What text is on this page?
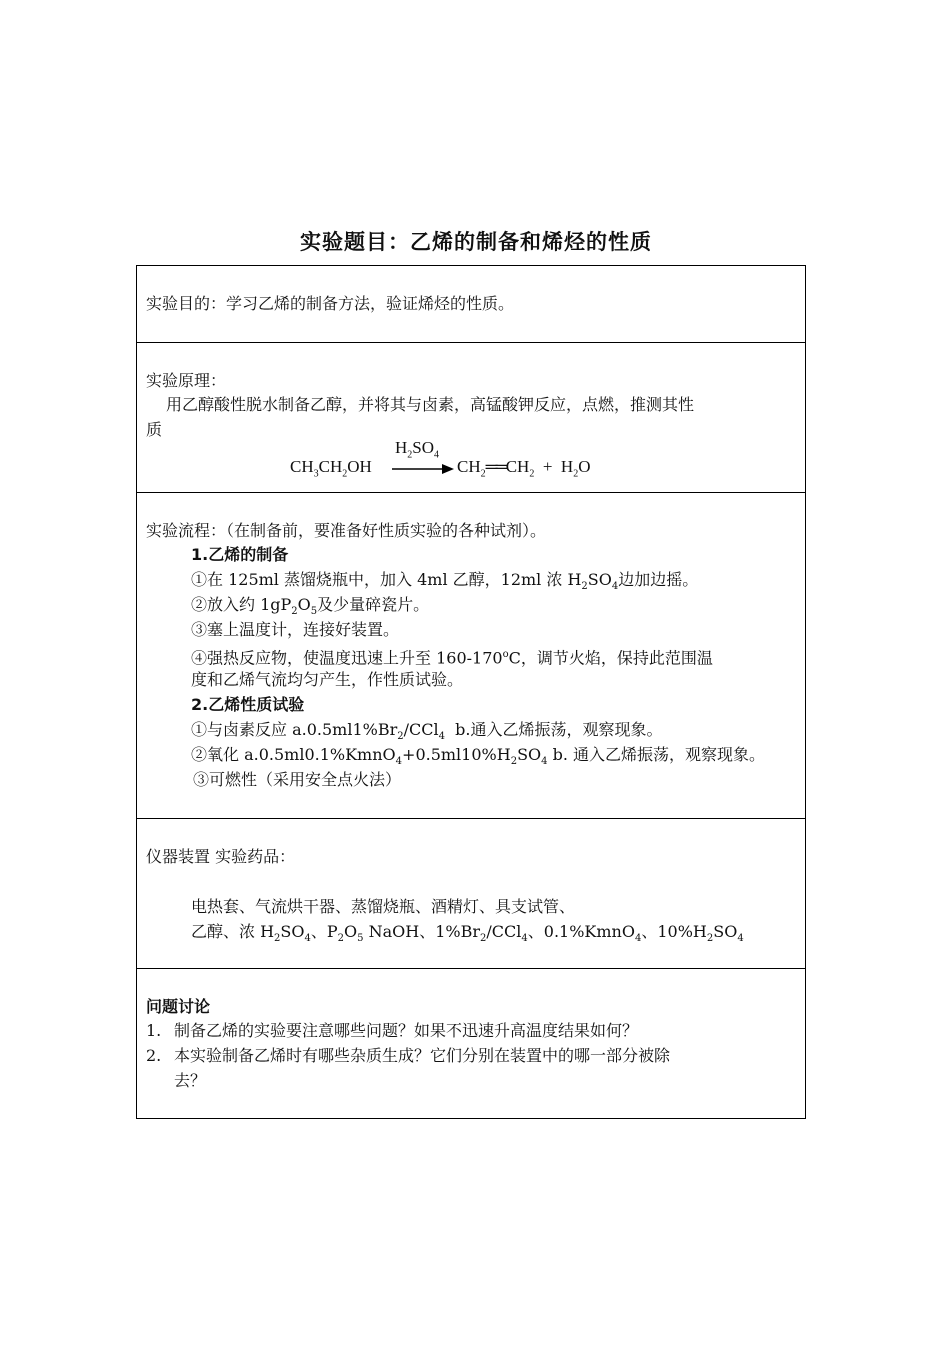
实验题目：乙烯的制备和烯烃的性质
实验目的：学习乙烯的制备方法，验证烯烃的性质。
实验原理：
用乙醇酸性脱水制备乙醇，并将其与卤素，高锰酸钾反应，点燃，推测其性
质
$CH_3CH_2OH$
$H_2SO_4$
→ $CH_2══CH_2 + H_2O$
实验流程：（在制备前，要准备好性质实验的各种试剂）。
1.乙烯的制备
①在 125ml 蒸馏烧瓶中，加入 4ml 乙醇，12ml 浓 $H_2SO_4$边加边摇。
②放入约 $1gP_2O_5$及少量碎瓷片。
③塞上温度计，连接好装置。
④强热反应物，使温度迅速上升至 160-170$^o$C，调节火焰，保持此范围温
度和乙烯气流均匀产生，作性质试验。
2.乙烯性质试验
①与卤素反应 $a.0.5ml1\%Br_2/CCl_4$  b.通入乙烯振荡，观察现象。
②氧化 $a.0.5ml0.1\%KmnO_4+0.5ml10\%H_2SO_4$ b. 通入乙烯振荡，观察现象。
③可燃性（采用安全点火法）
仪器装置 实验药品：
电热套、气流烘干器、蒸馏烧瓶、酒精灯、具支试管、
乙醇、浓 $H_2SO_4$、$P_2O_5$ NaOH、$1\%Br_2/CCl_4$、0.1%KmnO$_4$、$10\%H_2SO_4$
问题讨论
1. 制备乙烯的实验要注意哪些问题？如果不迅速升高温度结果如何？
2. 本实验制备乙烯时有哪些杂质生成？它们分别在装置中的哪一部分被除
去？
